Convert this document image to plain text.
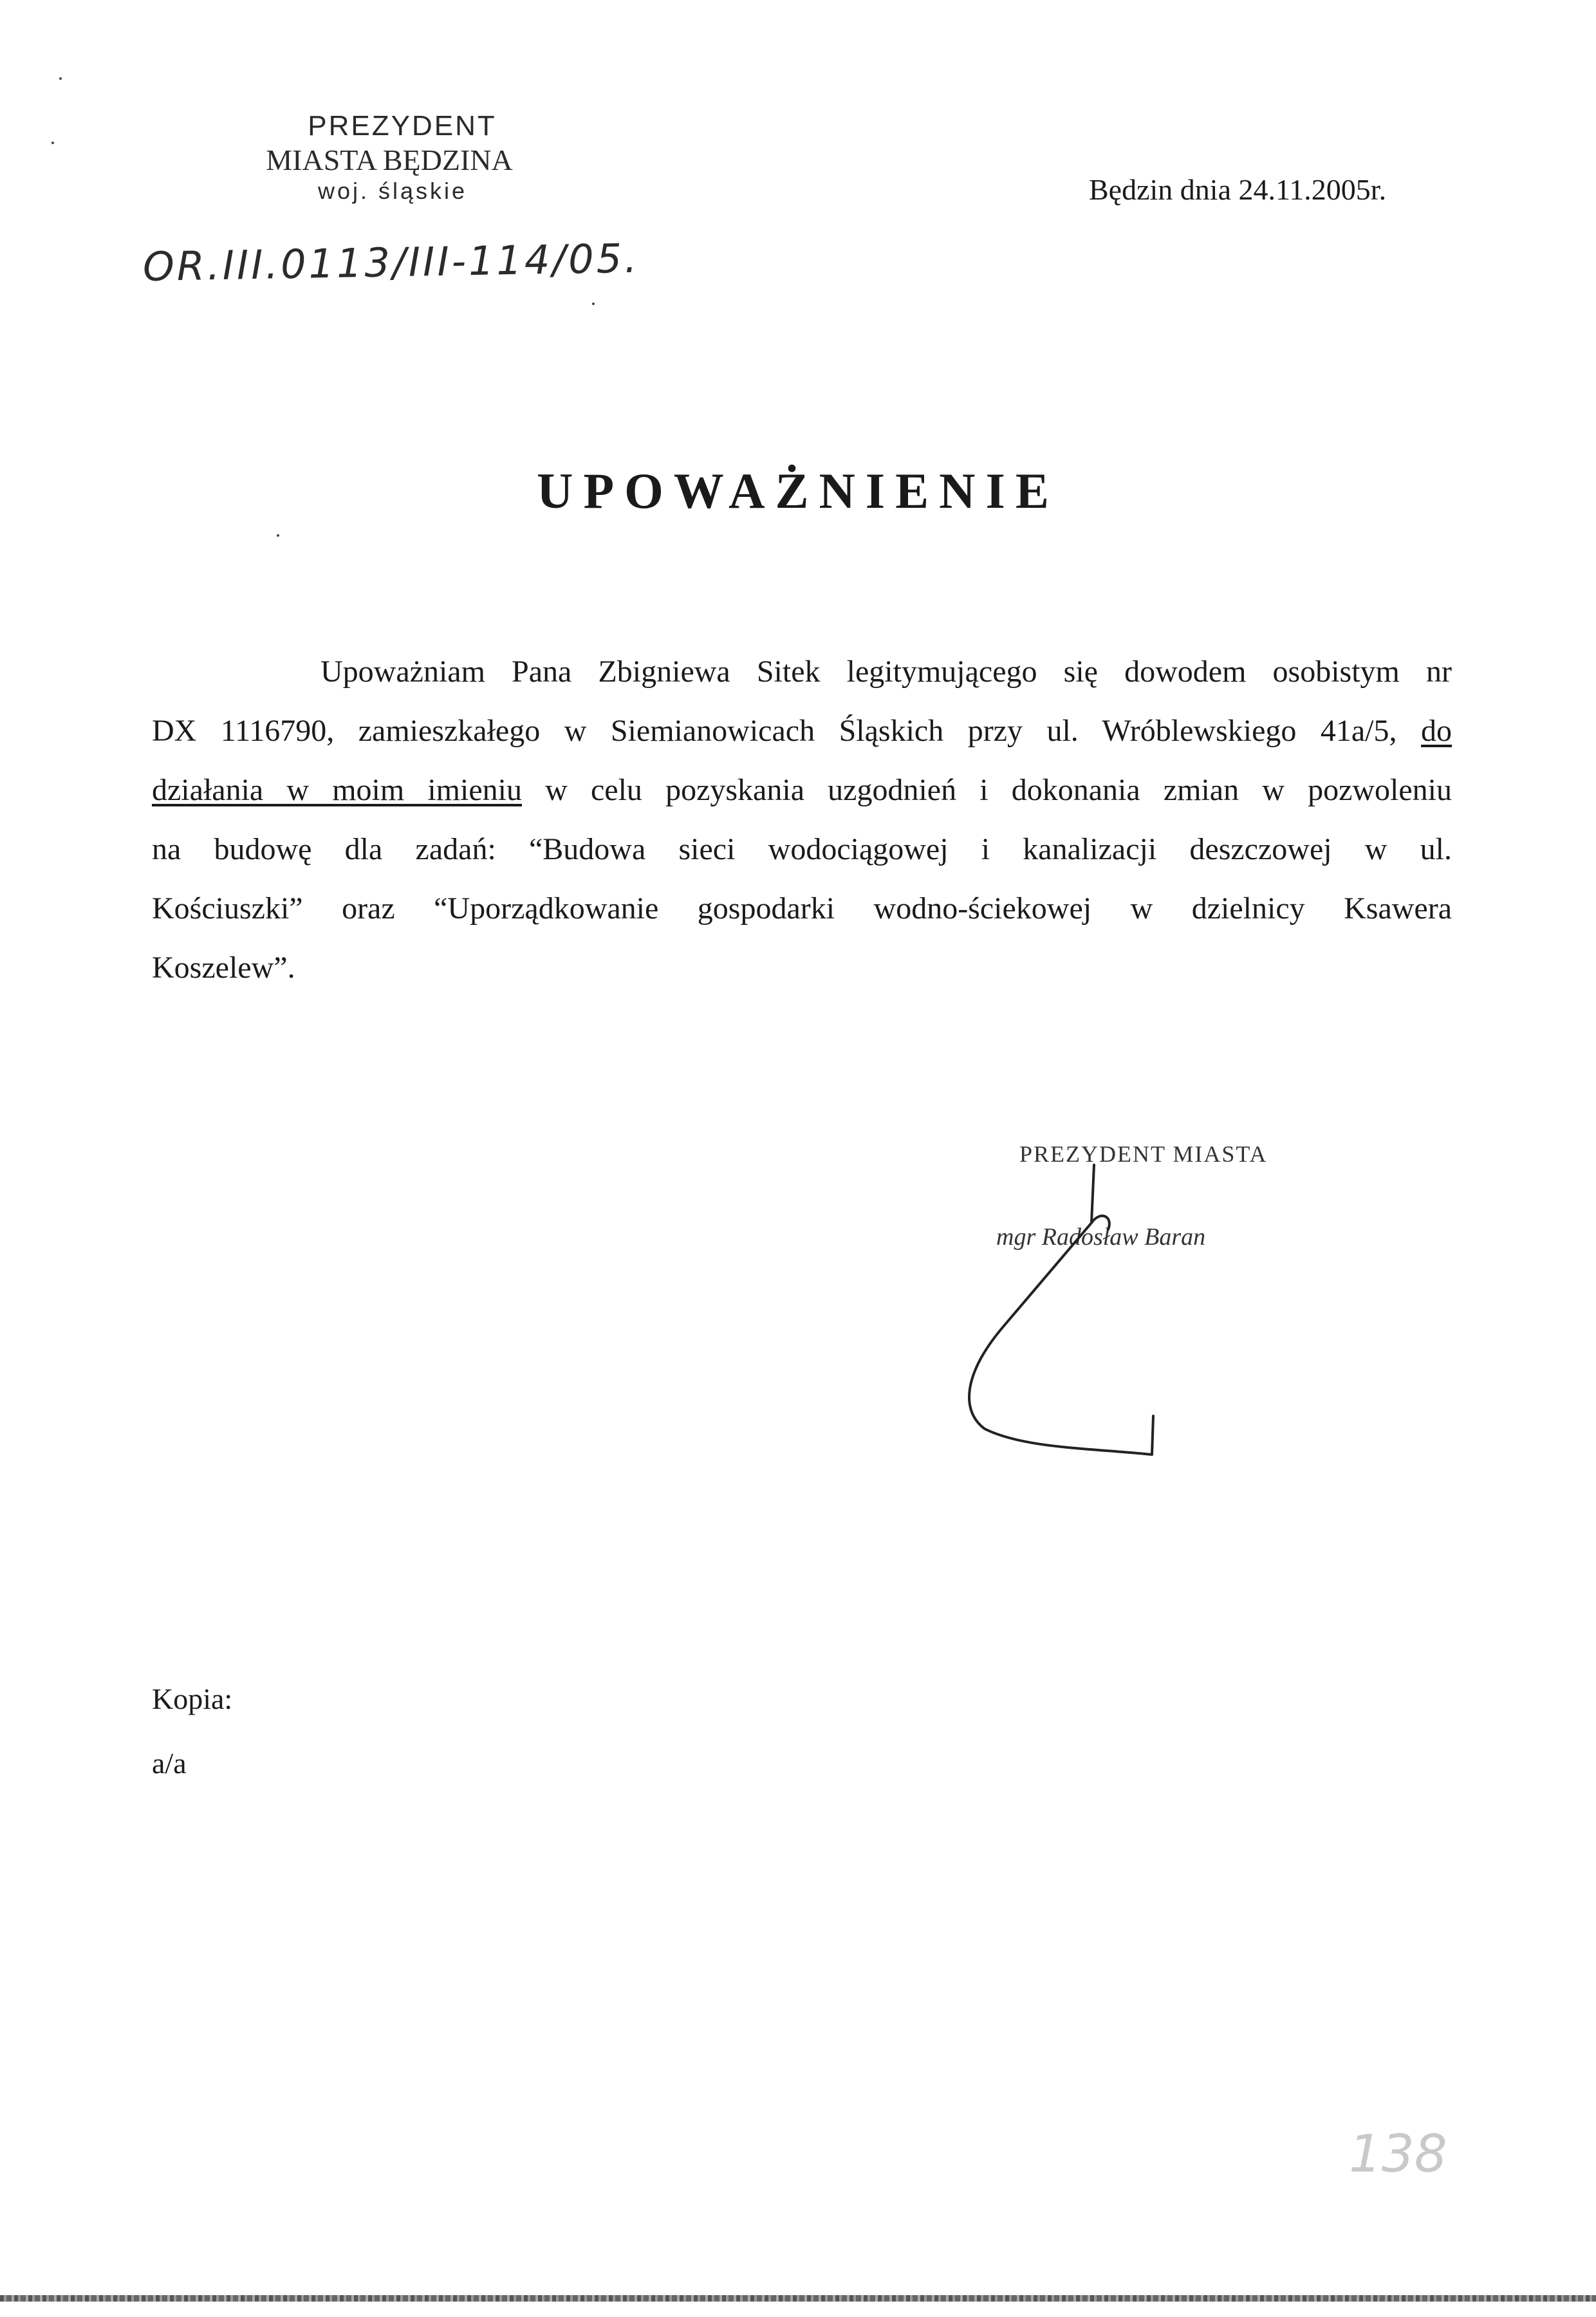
PREZYDENT
MIASTA BĘDZINA
woj. śląskie	Będzin dnia 24.11.2005r.
OR.III.0113/III-114/05.
UPOWAŻNIENIE
Upoważniam Pana Zbigniewa Sitek legitymującego się dowodem osobistym nr
DX 1116790, zamieszkałego w Siemianowicach Śląskich przy ul. Wróblewskiego 41a/5, do
działania w moim imieniu w celu pozyskania uzgodnień i dokonania zmian w pozwoleniu
na budowę dla zadań: “Budowa sieci wodociągowej i kanalizacji deszczowej w ul.
Kościuszki” oraz “Uporządkowanie gospodarki wodno-ściekowej w dzielnicy Ksawera
Koszelew”.
PREZYDENT MIASTA
mgr Radosław Baran
Kopia:
a/a
138
